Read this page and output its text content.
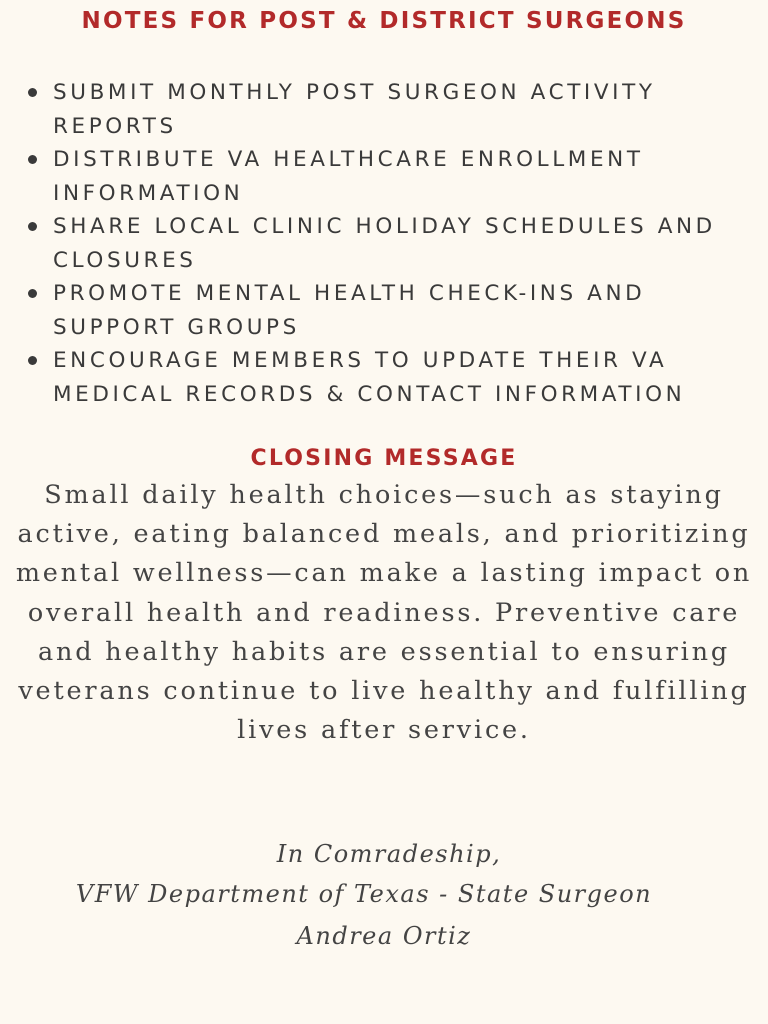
NOTES FOR POST & DISTRICT SURGEONS
SUBMIT MONTHLY POST SURGEON ACTIVITY REPORTS
DISTRIBUTE VA HEALTHCARE ENROLLMENT INFORMATION
SHARE LOCAL CLINIC HOLIDAY SCHEDULES AND CLOSURES
PROMOTE MENTAL HEALTH CHECK-INS AND SUPPORT GROUPS
ENCOURAGE MEMBERS TO UPDATE THEIR VA MEDICAL RECORDS & CONTACT INFORMATION
CLOSING MESSAGE

Small daily health choices—such as staying active, eating balanced meals, and prioritizing mental wellness—can make a lasting impact on overall health and readiness. Preventive care and healthy habits are essential to ensuring veterans continue to live healthy and fulfilling lives after service.

In Comradeship,

VFW Department of Texas - State Surgeon

Andrea Ortiz
